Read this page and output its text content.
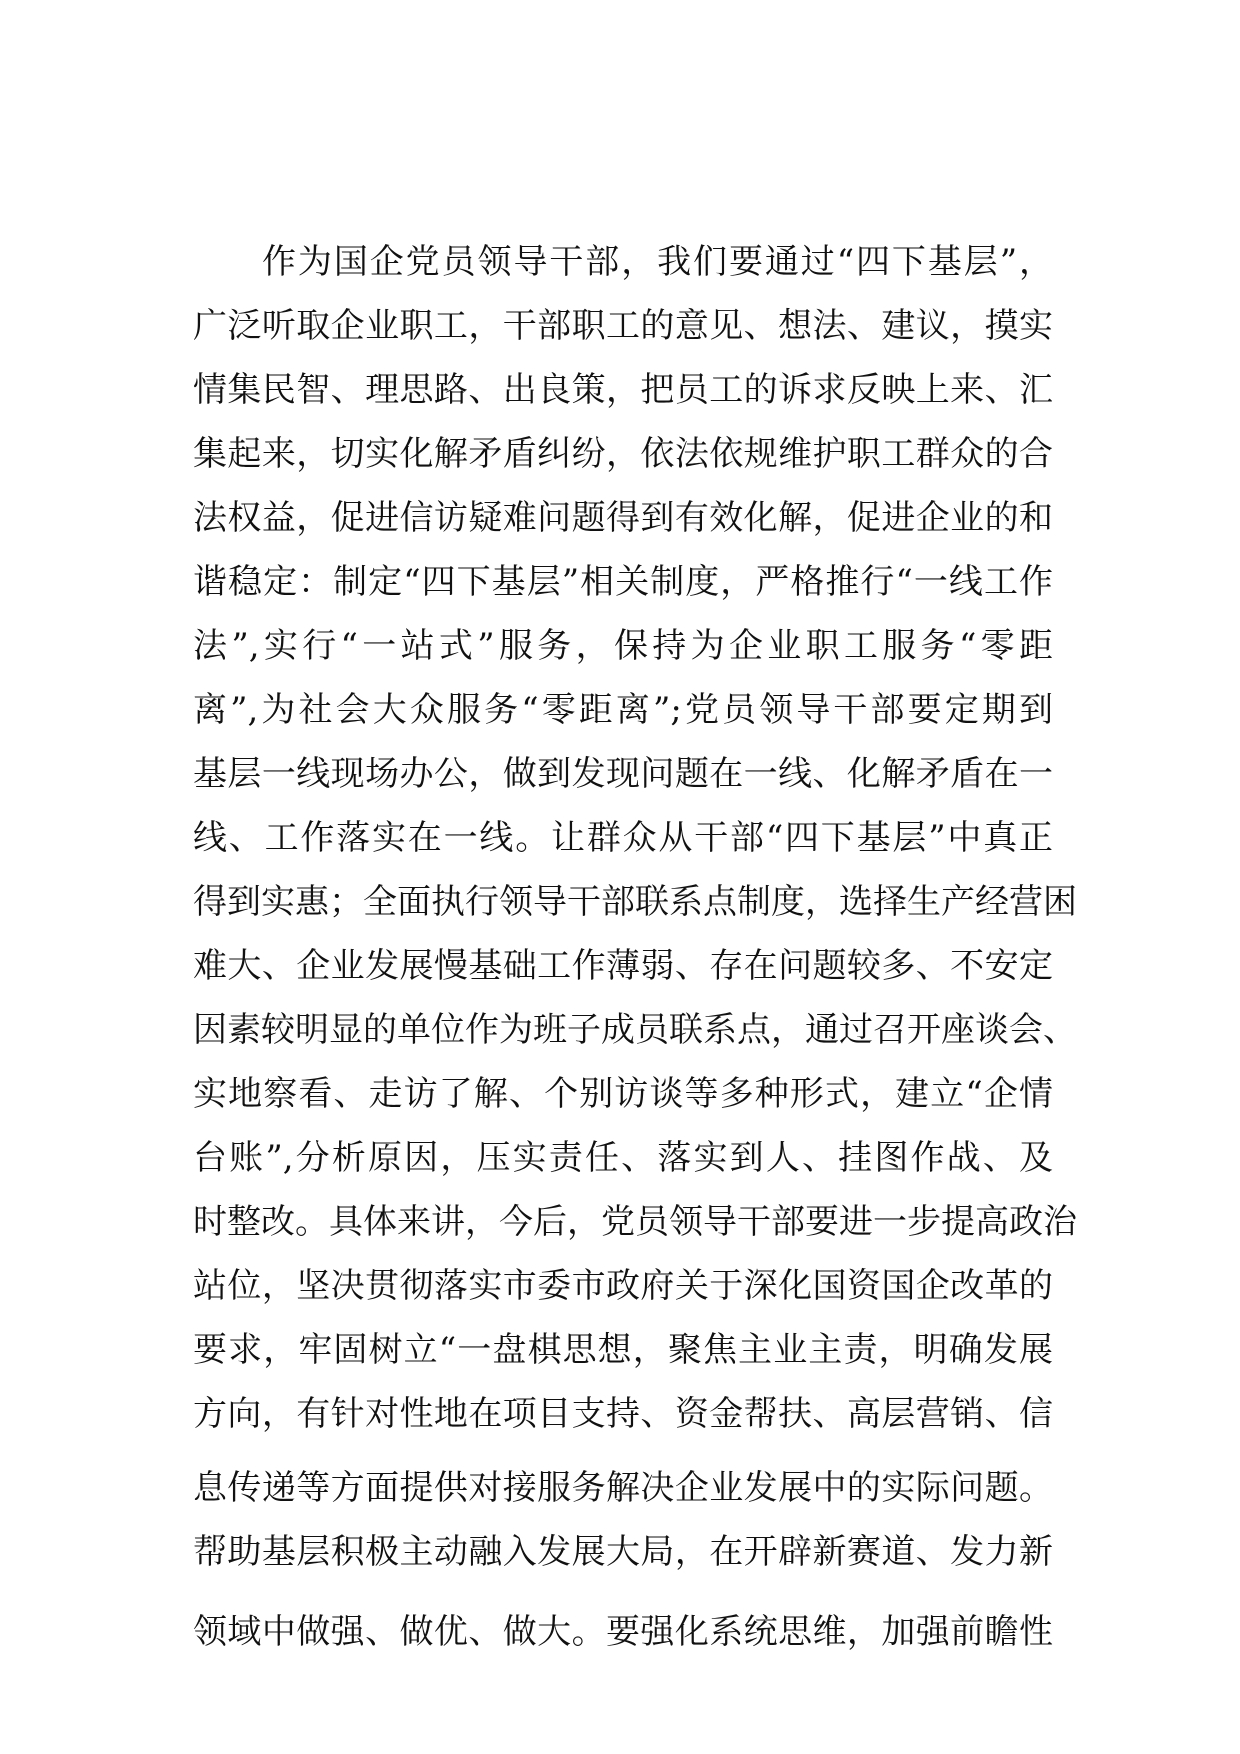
作为国企党员领导干部，我们要通过“四下基层”，
广泛听取企业职工，干部职工的意见、想法、建议，摸实
情集民智、理思路、出良策，把员工的诉求反映上来、汇
集起来，切实化解矛盾纠纷，依法依规维护职工群众的合
法权益，促进信访疑难问题得到有效化解，促进企业的和
谐稳定：制定“四下基层”相关制度，严格推行“一线工作
法”,实行“一站式”服务，保持为企业职工服务“零距
离”,为社会大众服务“零距离”;党员领导干部要定期到
基层一线现场办公，做到发现问题在一线、化解矛盾在一
线、工作落实在一线。让群众从干部“四下基层”中真正
得到实惠；全面执行领导干部联系点制度，选择生产经营困
难大、企业发展慢基础工作薄弱、存在问题较多、不安定
因素较明显的单位作为班子成员联系点，通过召开座谈会、
实地察看、走访了解、个别访谈等多种形式，建立“企情
台账”,分析原因，压实责任、落实到人、挂图作战、及
时整改。具体来讲，今后，党员领导干部要进一步提高政治
站位，坚决贯彻落实市委市政府关于深化国资国企改革的
要求，牢固树立“一盘棋思想，聚焦主业主责，明确发展
方向，有针对性地在项目支持、资金帮扶、高层营销、信
息传递等方面提供对接服务解决企业发展中的实际问题。
帮助基层积极主动融入发展大局，在开辟新赛道、发力新
领域中做强、做优、做大。要强化系统思维，加强前瞻性
